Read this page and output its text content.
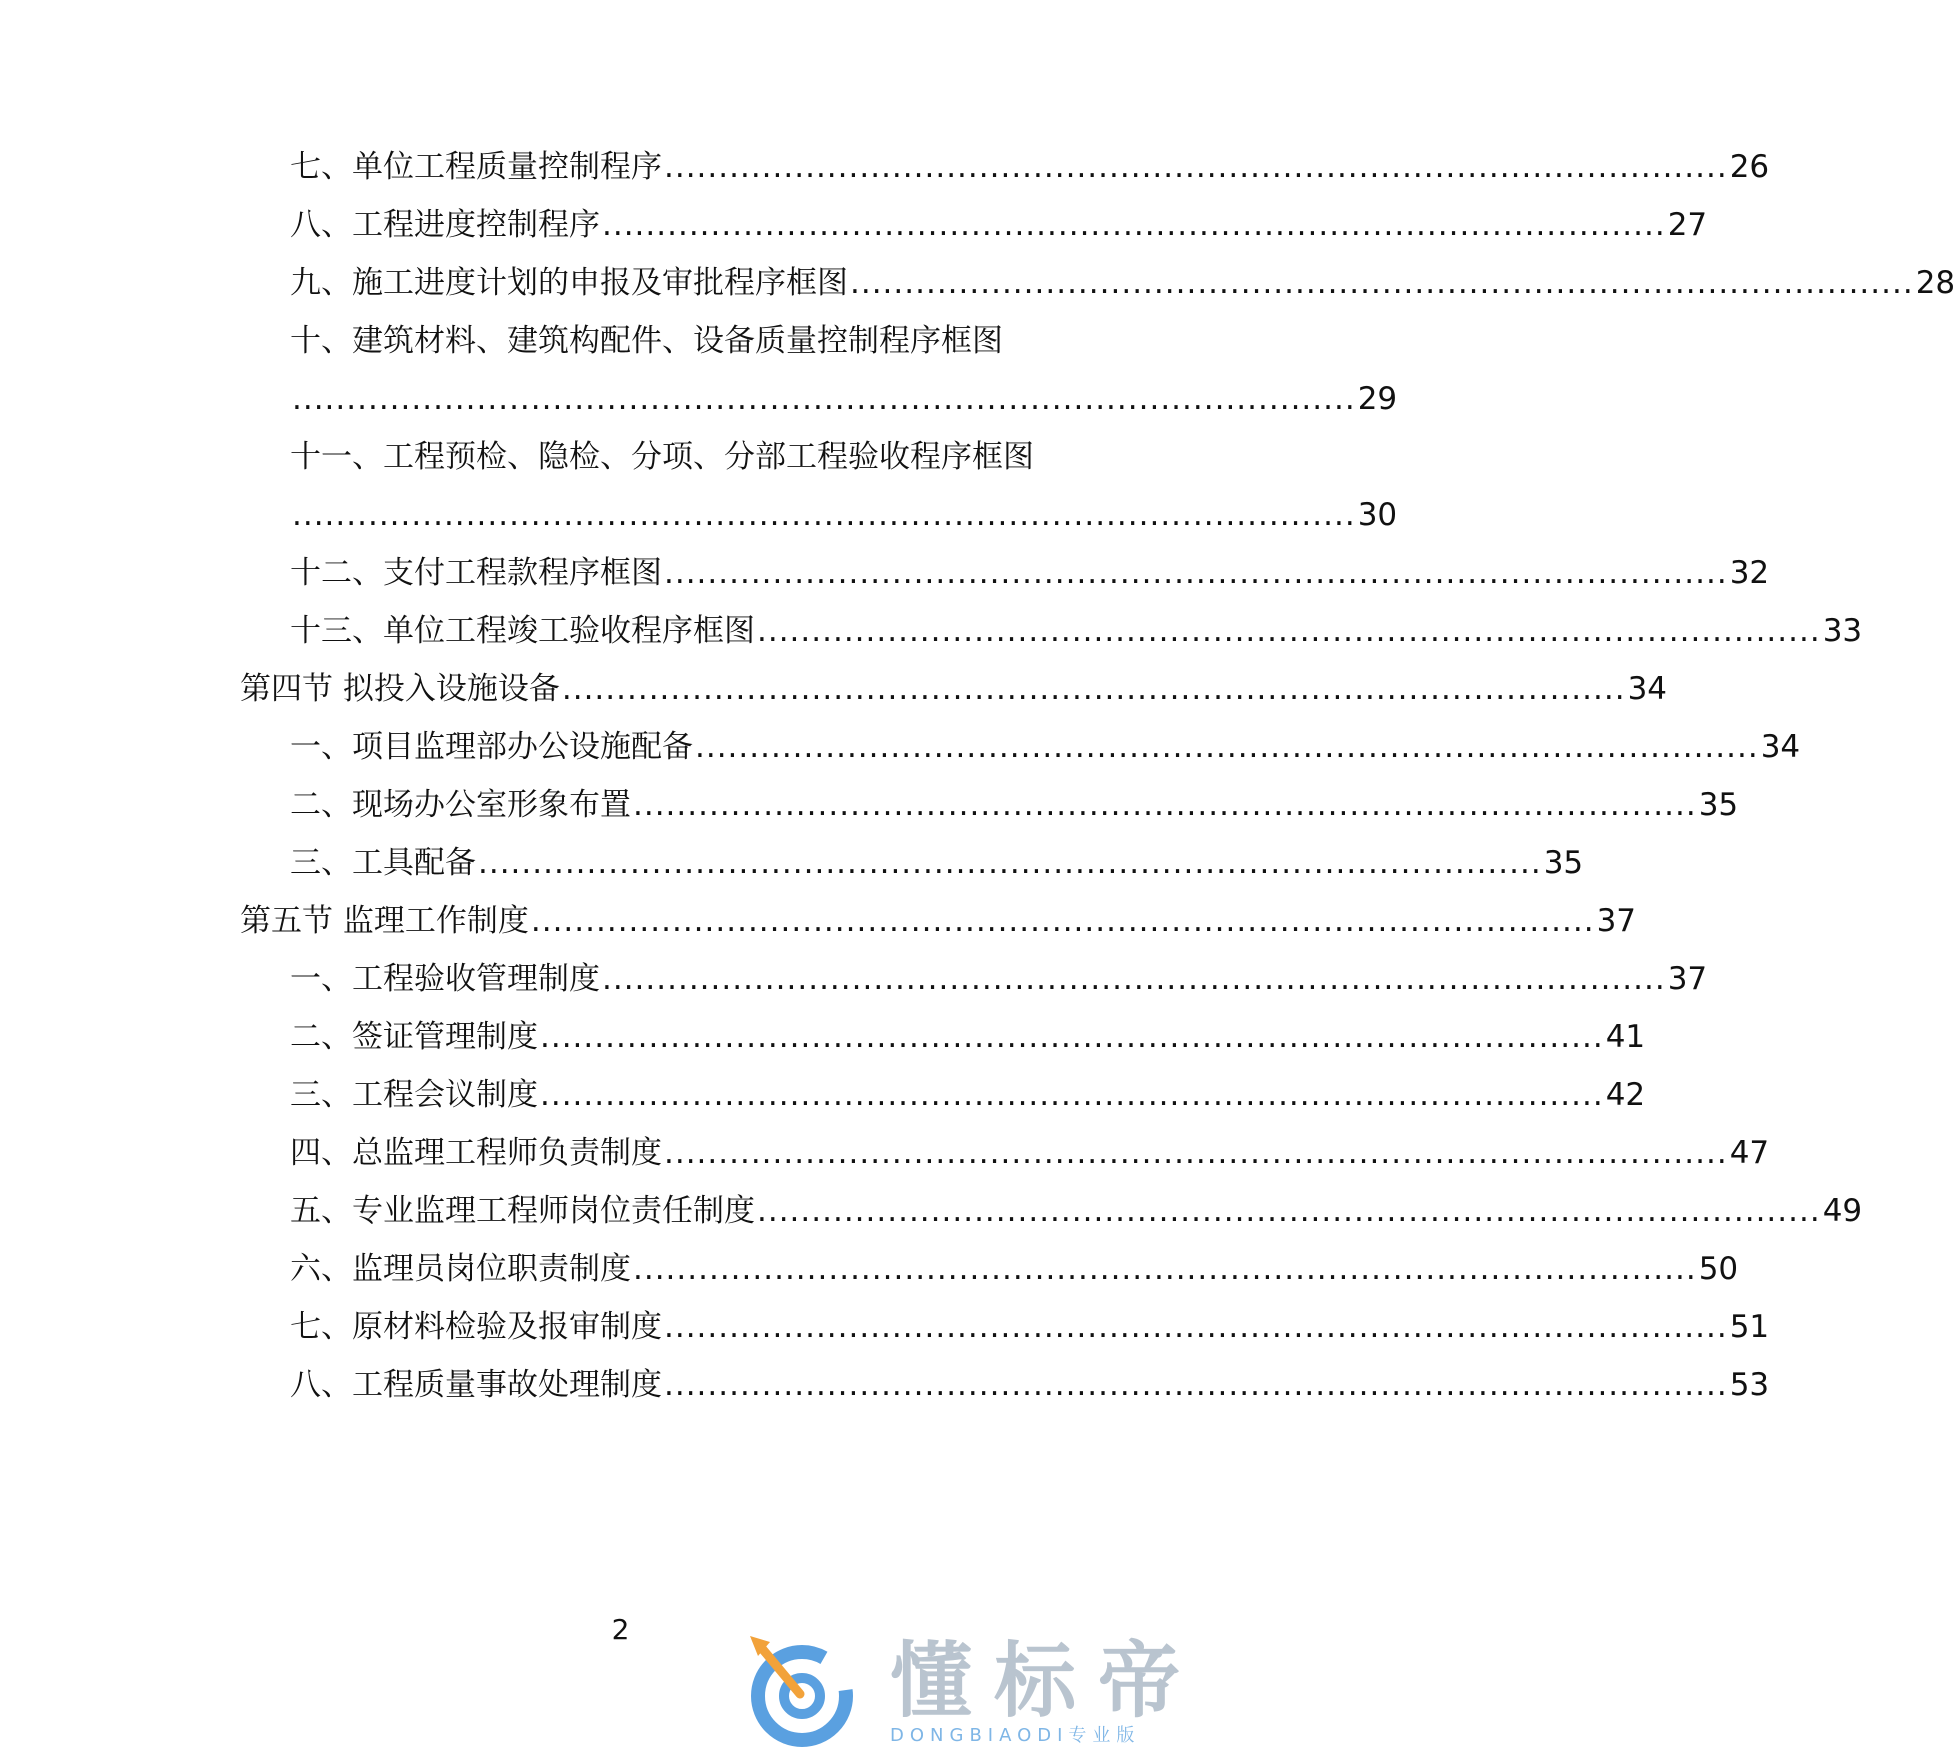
七、单位工程质量控制程序 .................................................................................................. 26
八、工程进度控制程序 .................................................................................................. 27
九、施工进度计划的申报及审批程序框图 .................................................................................................. 28
十、建筑材料、建筑构配件、设备质量控制程序框图
.................................................................................................. 29
十一、工程预检、隐检、分项、分部工程验收程序框图
.................................................................................................. 30
十二、支付工程款程序框图 .................................................................................................. 32
十三、单位工程竣工验收程序框图 .................................................................................................. 33
第四节 拟投入设施设备 .................................................................................................. 34
一、项目监理部办公设施配备 .................................................................................................. 34
二、现场办公室形象布置 .................................................................................................. 35
三、工具配备 .................................................................................................. 35
第五节 监理工作制度 .................................................................................................. 37
一、工程验收管理制度 .................................................................................................. 37
二、签证管理制度 .................................................................................................. 41
三、工程会议制度 .................................................................................................. 42
四、总监理工程师负责制度 .................................................................................................. 47
五、专业监理工程师岗位责任制度 .................................................................................................. 49
六、监理员岗位职责制度 .................................................................................................. 50
七、原材料检验及报审制度 .................................................................................................. 51
八、工程质量事故处理制度 .................................................................................................. 53
2
懂标帝
DONGBIAODI专业版
